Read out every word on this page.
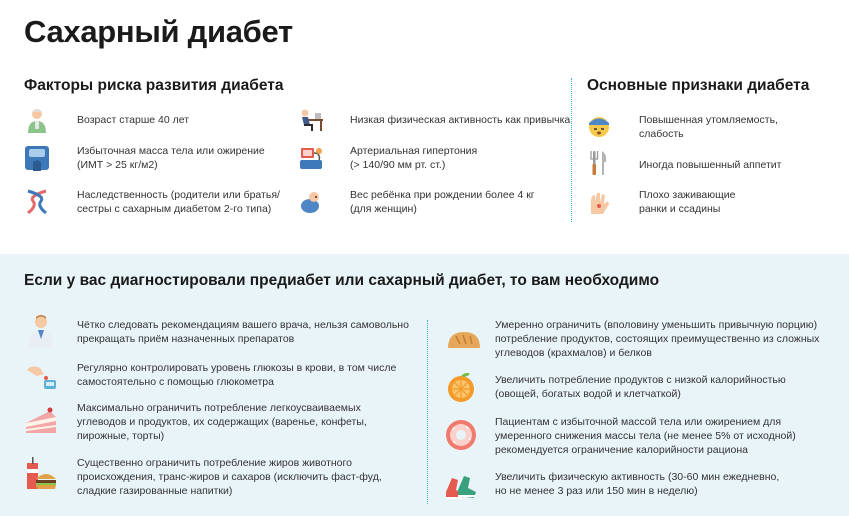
Сахарный диабет
Факторы риска развития диабета	Основные признаки диабета
Возраст старше 40 лет
Избыточная масса тела или ожирение
(ИМТ > 25 кг/м2)
Наследственность (родители или братья/
сестры с сахарным диабетом 2-го типа)
Низкая физическая активность как привычка
Артериальная гипертония
(> 140/90 мм рт. ст.)
Вес ребёнка при рождении более 4 кг
(для женщин)
Повышенная утомляемость,
слабость
Иногда повышенный аппетит
Плохо заживающие
ранки и ссадины
Если у вас диагностировали предиабет или сахарный диабет, то вам необходимо
Чётко следовать рекомендациям вашего врача, нельзя самовольно
прекращать приём назначенных препаратов
Регулярно контролировать уровень глюкозы в крови, в том числе
самостоятельно с помощью глюкометра
Максимально ограничить потребление легкоусваиваемых
углеводов и продуктов, их содержащих (варенье, конфеты,
пирожные, торты)
Существенно ограничить потребление жиров животного
происхождения, транс-жиров и сахаров (исключить фаст-фуд,
сладкие газированные напитки)
Умеренно ограничить (вполовину уменьшить привычную порцию)
потребление продуктов, состоящих преимущественно из сложных
углеводов (крахмалов) и белков
Увеличить потребление продуктов с низкой калорийностью
(овощей, богатых водой и клетчаткой)
Пациентам с избыточной массой тела или ожирением для
умеренного снижения массы тела (не менее 5% от исходной)
рекомендуется ограничение калорийности рациона
Увеличить физическую активность (30-60 мин ежедневно,
но не менее 3 раз или 150 мин в неделю)
